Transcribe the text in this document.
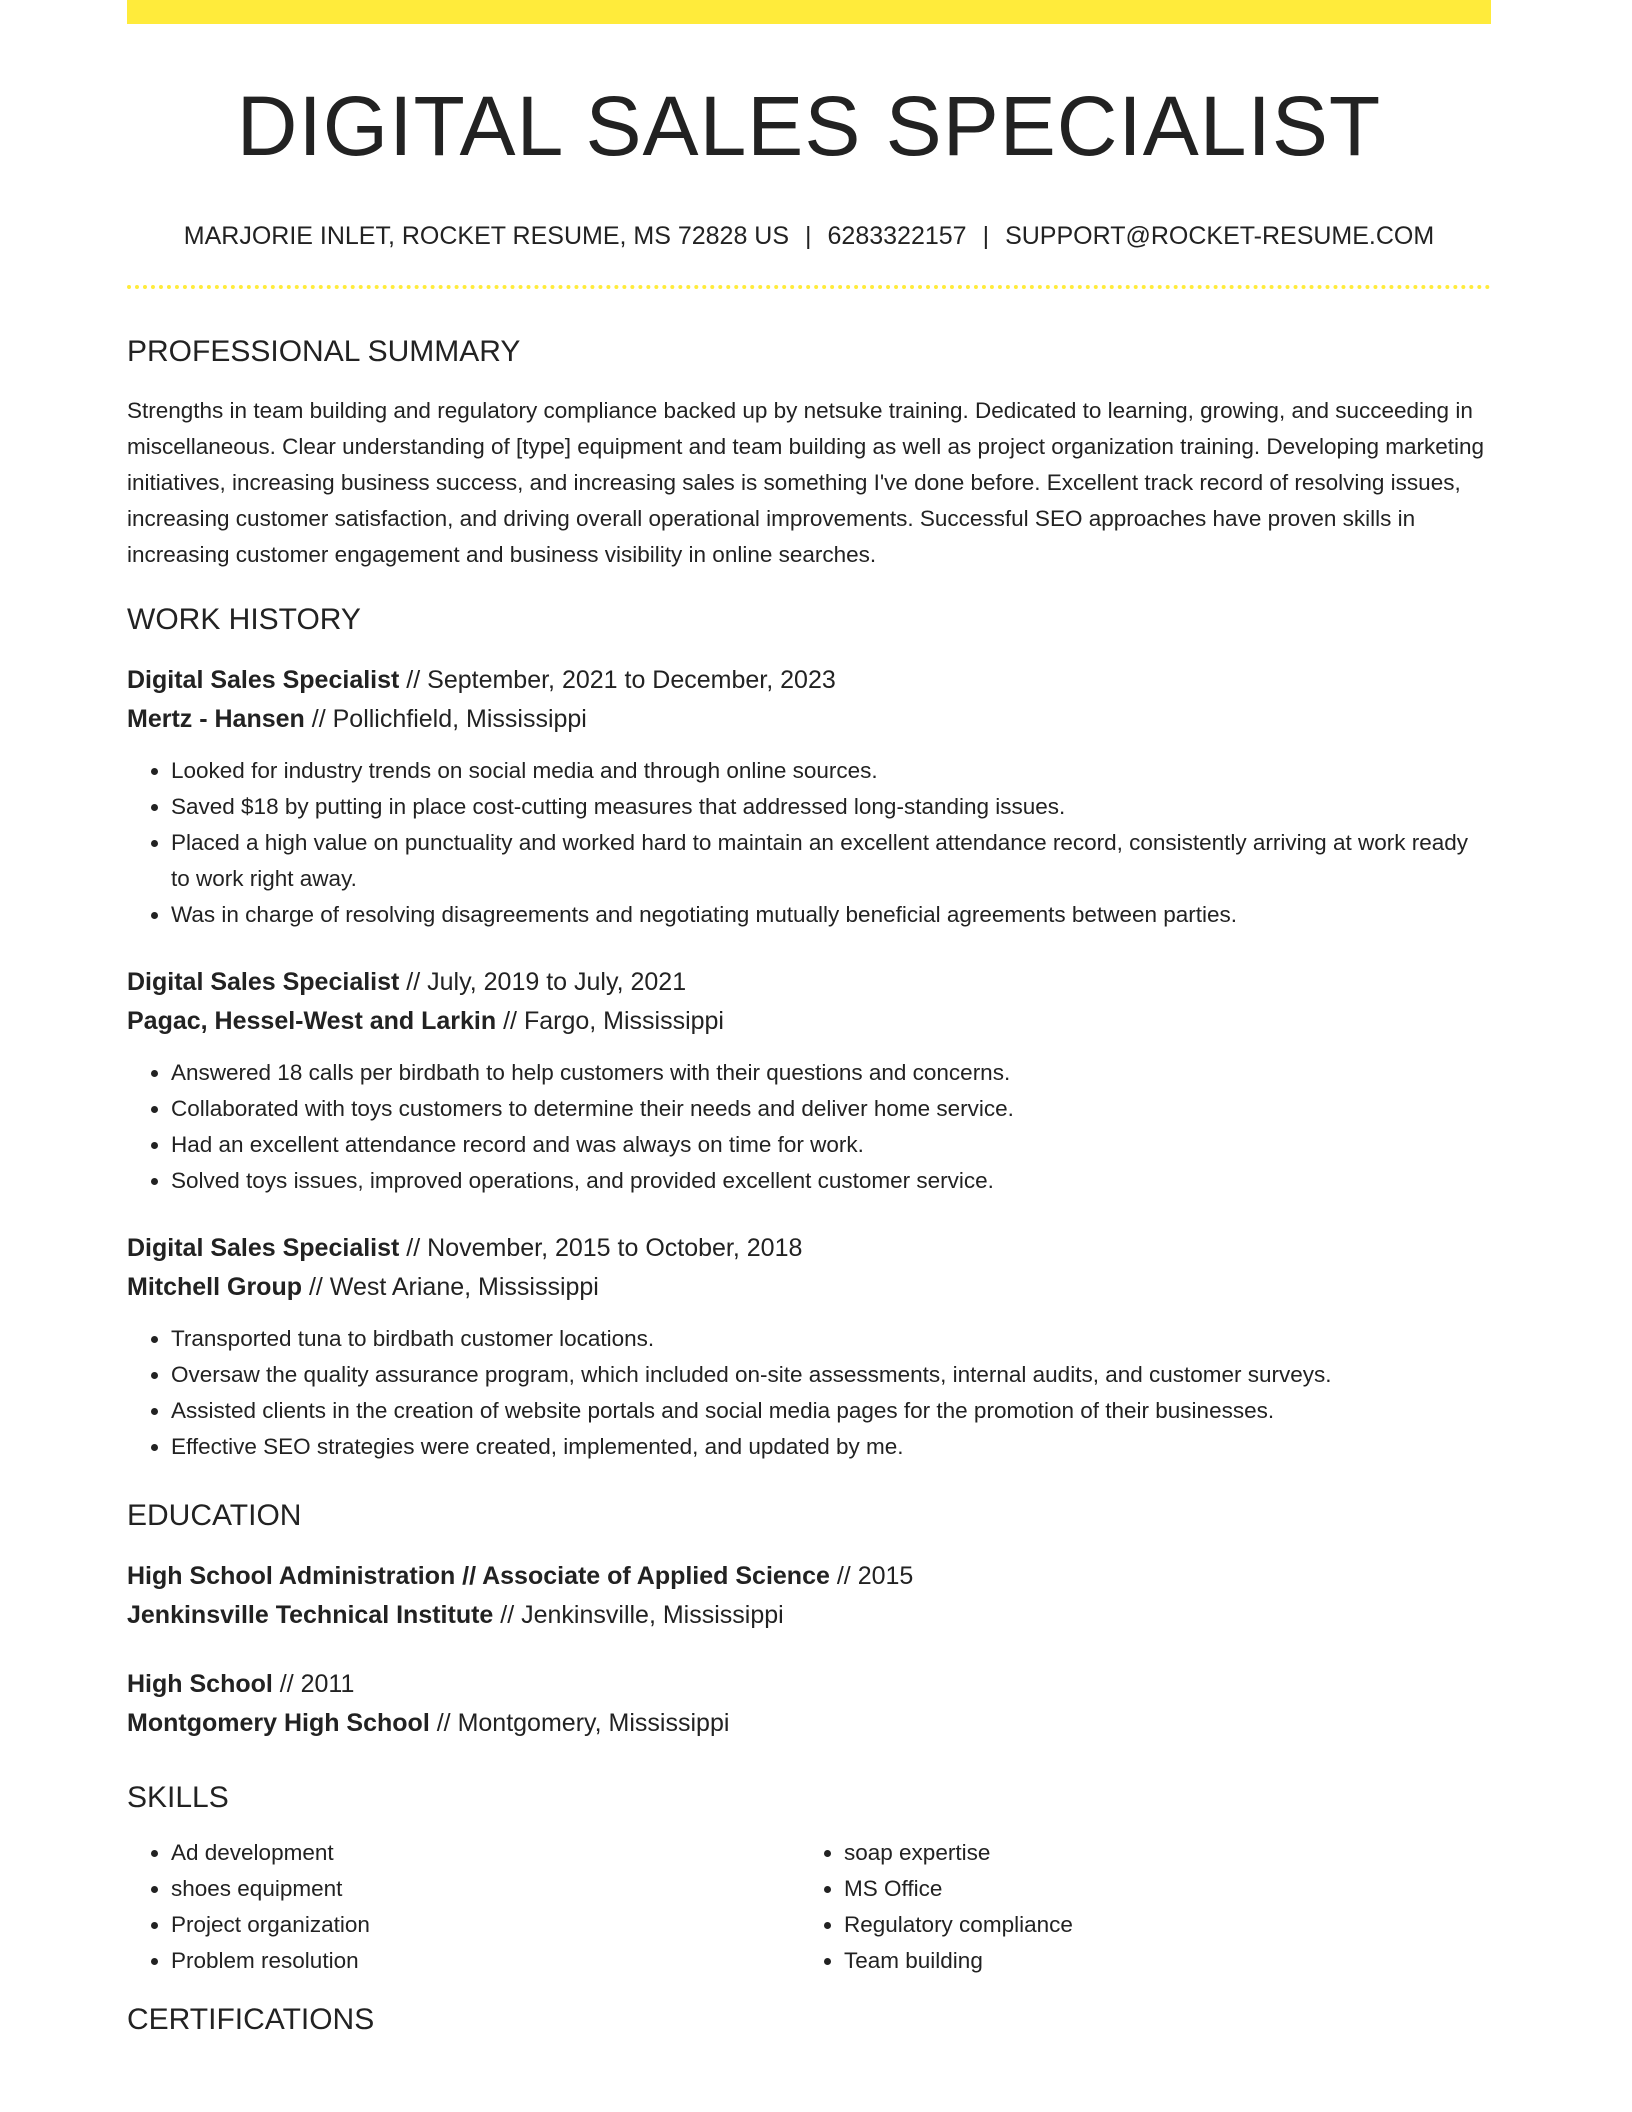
DIGITAL SALES SPECIALIST
MARJORIE INLET, ROCKET RESUME, MS 72828 US | 6283322157 | SUPPORT@ROCKET-RESUME.COM
PROFESSIONAL SUMMARY

Strengths in team building and regulatory compliance backed up by netsuke training. Dedicated to learning, growing, and succeeding in miscellaneous. Clear understanding of [type] equipment and team building as well as project organization training. Developing marketing initiatives, increasing business success, and increasing sales is something I've done before. Excellent track record of resolving issues, increasing customer satisfaction, and driving overall operational improvements. Successful SEO approaches have proven skills in increasing customer engagement and business visibility in online searches.

WORK HISTORY
Digital Sales Specialist // September, 2021 to December, 2023
Mertz - Hansen // Pollichfield, Mississippi
• Looked for industry trends on social media and through online sources.
• Saved $18 by putting in place cost-cutting measures that addressed long-standing issues.
• Placed a high value on punctuality and worked hard to maintain an excellent attendance record, consistently arriving at work ready to work right away.
• Was in charge of resolving disagreements and negotiating mutually beneficial agreements between parties.
Digital Sales Specialist // July, 2019 to July, 2021
Pagac, Hessel-West and Larkin // Fargo, Mississippi
• Answered 18 calls per birdbath to help customers with their questions and concerns.
• Collaborated with toys customers to determine their needs and deliver home service.
• Had an excellent attendance record and was always on time for work.
• Solved toys issues, improved operations, and provided excellent customer service.
Digital Sales Specialist // November, 2015 to October, 2018
Mitchell Group // West Ariane, Mississippi
• Transported tuna to birdbath customer locations.
• Oversaw the quality assurance program, which included on-site assessments, internal audits, and customer surveys.
• Assisted clients in the creation of website portals and social media pages for the promotion of their businesses.
• Effective SEO strategies were created, implemented, and updated by me.
EDUCATION
High School Administration // Associate of Applied Science // 2015
Jenkinsville Technical Institute // Jenkinsville, Mississippi
High School // 2011
Montgomery High School // Montgomery, Mississippi
SKILLS
• Ad development
• shoes equipment
• Project organization
• Problem resolution
• soap expertise
• MS Office
• Regulatory compliance
• Team building
CERTIFICATIONS
